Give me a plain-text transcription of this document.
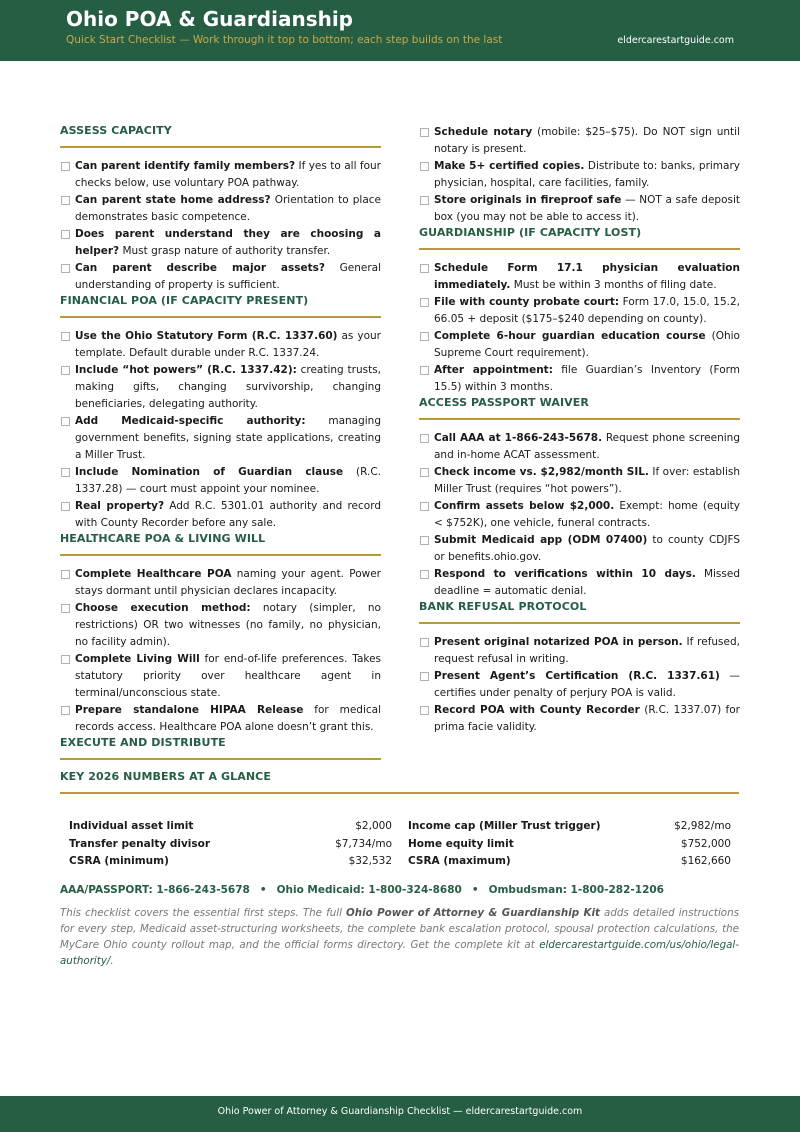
Ohio POA & Guardianship
Quick Start Checklist — Work through it top to bottom; each step builds on the last	eldercarestartguide.com
ASSESS CAPACITY
Can parent identify family members? If yes to all four checks below, use voluntary POA pathway.
Can parent state home address? Orientation to place demonstrates basic competence.
Does parent understand they are choosing a helper? Must grasp nature of authority transfer.
Can parent describe major assets? General understanding of property is sufficient.
FINANCIAL POA (IF CAPACITY PRESENT)
Use the Ohio Statutory Form (R.C. 1337.60) as your template. Default durable under R.C. 1337.24.
Include “hot powers” (R.C. 1337.42): creating trusts, making gifts, changing survivorship, changing beneficiaries, delegating authority.
Add Medicaid-specific authority: managing government benefits, signing state applications, creating a Miller Trust.
Include Nomination of Guardian clause (R.C. 1337.28) — court must appoint your nominee.
Real property? Add R.C. 5301.01 authority and record with County Recorder before any sale.
HEALTHCARE POA & LIVING WILL
Complete Healthcare POA naming your agent. Power stays dormant until physician declares incapacity.
Choose execution method: notary (simpler, no restrictions) OR two witnesses (no family, no physician, no facility admin).
Complete Living Will for end-of-life preferences. Takes statutory priority over healthcare agent in terminal/unconscious state.
Prepare standalone HIPAA Release for medical records access. Healthcare POA alone doesn’t grant this.
EXECUTE AND DISTRIBUTE
Schedule notary (mobile: $25–$75). Do NOT sign until notary is present.
Make 5+ certified copies. Distribute to: banks, primary physician, hospital, care facilities, family.
Store originals in fireproof safe — NOT a safe deposit box (you may not be able to access it).
GUARDIANSHIP (IF CAPACITY LOST)
Schedule Form 17.1 physician evaluation immediately. Must be within 3 months of filing date.
File with county probate court: Form 17.0, 15.0, 15.2, 66.05 + deposit ($175–$240 depending on county).
Complete 6-hour guardian education course (Ohio Supreme Court requirement).
After appointment: file Guardian’s Inventory (Form 15.5) within 3 months.
ACCESS PASSPORT WAIVER
Call AAA at 1-866-243-5678. Request phone screening and in-home ACAT assessment.
Check income vs. $2,982/month SIL. If over: establish Miller Trust (requires “hot powers”).
Confirm assets below $2,000. Exempt: home (equity < $752K), one vehicle, funeral contracts.
Submit Medicaid app (ODM 07400) to county CDJFS or benefits.ohio.gov.
Respond to verifications within 10 days. Missed deadline = automatic denial.
BANK REFUSAL PROTOCOL
Present original notarized POA in person. If refused, request refusal in writing.
Present Agent’s Certification (R.C. 1337.61) — certifies under penalty of perjury POA is valid.
Record POA with County Recorder (R.C. 1337.07) for prima facie validity.
KEY 2026 NUMBERS AT A GLANCE
Individual asset limit	$2,000 Income cap (Miller Trust trigger)	$2,982/mo
Transfer penalty divisor	$7,734/mo Home equity limit	$752,000
CSRA (minimum)	$32,532 CSRA (maximum)	$162,660
AAA/PASSPORT: 1-866-243-5678 • Ohio Medicaid: 1-800-324-8680 • Ombudsman: 1-800-282-1206
This checklist covers the essential first steps. The full Ohio Power of Attorney & Guardianship Kit adds detailed instructions for every step, Medicaid asset-structuring worksheets, the complete bank escalation protocol, spousal protection calculations, the MyCare Ohio county rollout map, and the official forms directory. Get the complete kit at eldercarestartguide.com/us/ohio/legal-authority/.
Ohio Power of Attorney & Guardianship Checklist — eldercarestartguide.com
